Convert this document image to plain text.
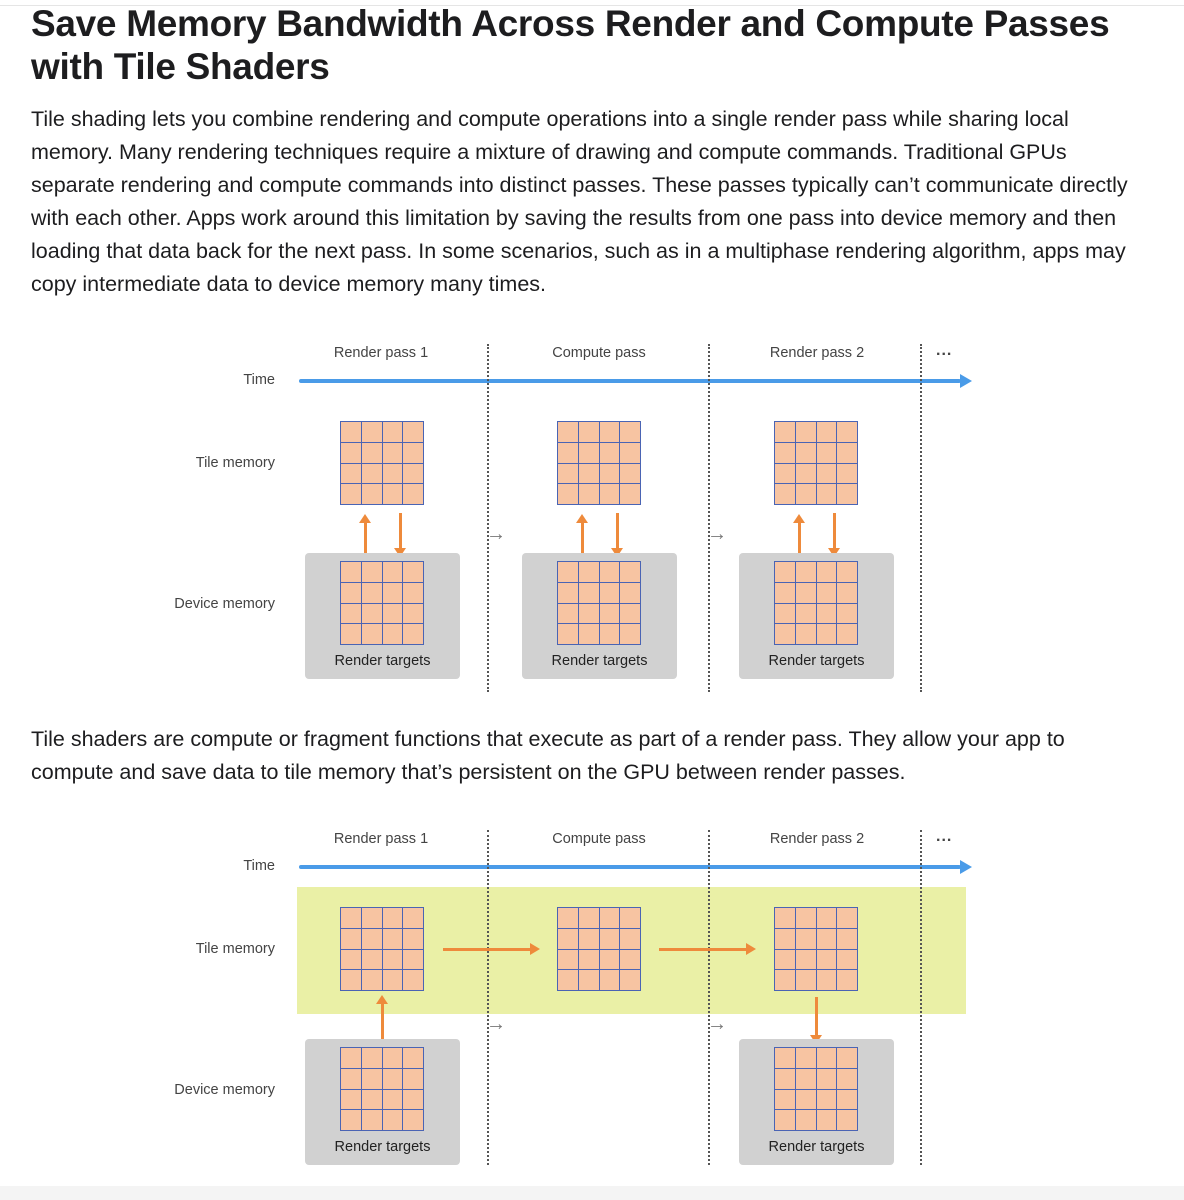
Save Memory Bandwidth Across Render and Compute Passes
with Tile Shaders

Tile shading lets you combine rendering and compute operations into a single render pass while sharing local memory. Many rendering techniques require a mixture of drawing and compute commands. Traditional GPUs separate rendering and compute commands into distinct passes. These passes typically can’t communicate directly with each other. Apps work around this limitation by saving the results from one pass into device memory and then loading that data back for the next pass. In some scenarios, such as in a multiphase rendering algorithm, apps may copy intermediate data to device memory many times.

Render pass 1	Compute pass	Render pass 2	...
Time
Tile memory
Device memory
→	→
Render targets	Render targets	Render targets

Tile shaders are compute or fragment functions that execute as part of a render pass. They allow your app to compute and save data to tile memory that’s persistent on the GPU between render passes.

Render pass 1	Compute pass	Render pass 2	...
Time
Tile memory
Device memory
→	→
Render targets	Render targets
